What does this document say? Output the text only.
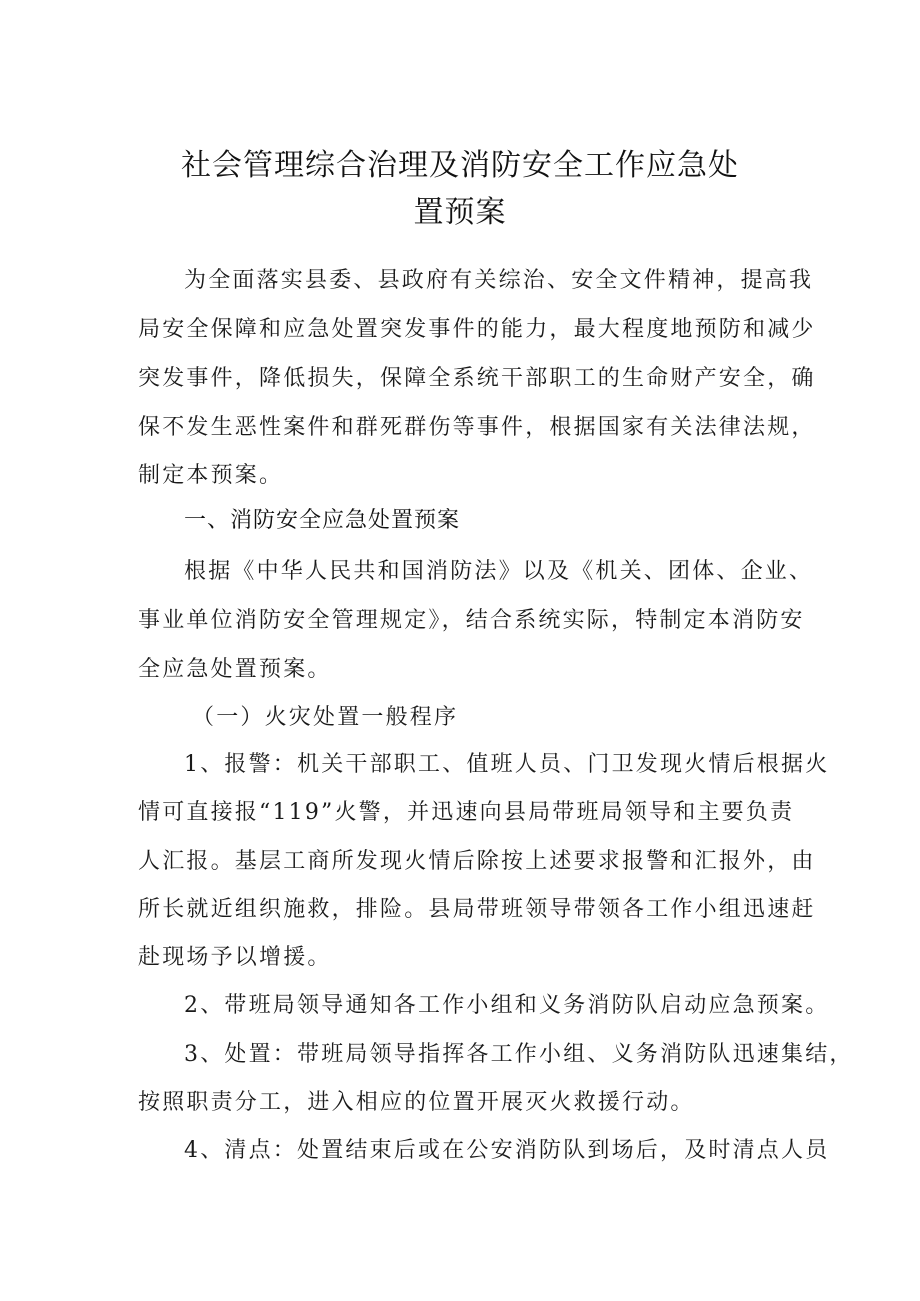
社会管理综合治理及消防安全工作应急处
置预案

为全面落实县委、县政府有关综治、安全文件精神，提高我

局安全保障和应急处置突发事件的能力，最大程度地预防和减少

突发事件，降低损失，保障全系统干部职工的生命财产安全，确

保不发生恶性案件和群死群伤等事件，根据国家有关法律法规，

制定本预案。

一、消防安全应急处置预案

根据《中华人民共和国消防法》以及《机关、团体、企业、

事业单位消防安全管理规定》，结合系统实际，特制定本消防安

全应急处置预案。

（一）火灾处置一般程序

1、报警：机关干部职工、值班人员、门卫发现火情后根据火

情可直接报“119”火警，并迅速向县局带班局领导和主要负责

人汇报。基层工商所发现火情后除按上述要求报警和汇报外，由

所长就近组织施救，排险。县局带班领导带领各工作小组迅速赶

赴现场予以增援。

2、带班局领导通知各工作小组和义务消防队启动应急预案。

3、处置：带班局领导指挥各工作小组、义务消防队迅速集结，

按照职责分工，进入相应的位置开展灭火救援行动。

4、清点：处置结束后或在公安消防队到场后，及时清点人员
